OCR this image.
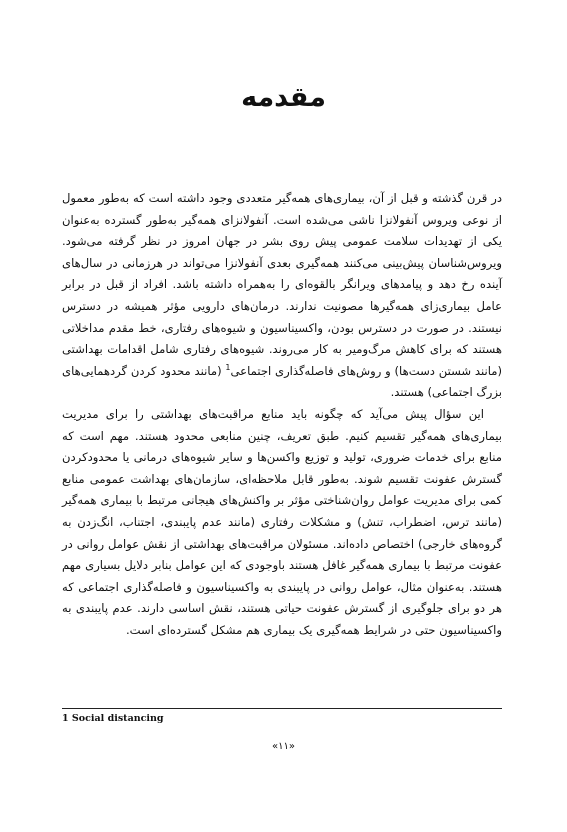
مقدمه

در قرن گذشته و قبل از آن، بیماری‌های همه‌گیر متعددی وجود داشته است که به‌طور معمول از نوعی ویروس آنفولانزا ناشی می‌شده است. آنفولانزای همه‌گیر به‌طور گسترده به‌عنوان یکی از تهدیدات سلامت عمومی پیش روی بشر در جهان امروز در نظر گرفته می‌شود. ویروس‌شناسان پیش‌بینی می‌کنند همه‌گیری بعدی آنفولانزا می‌تواند در هرزمانی در سال‌های آینده رخ دهد و پیامدهای ویرانگر بالقوه‌ای را به‌همراه داشته باشد. افراد از قبل در برابر عامل بیماری‌زای همه‌گیرها مصونیت ندارند. درمان‌های دارویی مؤثر همیشه در دسترس نیستند. در صورت در دسترس بودن، واکسیناسیون و شیوه‌های رفتاری، خط مقدم مداخلاتی هستند که برای کاهش مرگ‌ومیر به کار می‌روند. شیوه‌های رفتاری شامل اقدامات بهداشتی (مانند شستن دست‌ها) و روش‌های فاصله‌گذاری اجتماعی$^1$ (مانند محدود کردن گردهمایی‌های بزرگ اجتماعی) هستند.

این سؤال پیش می‌آید که چگونه باید منابع مراقبت‌های بهداشتی را برای مدیریت بیماری‌های همه‌گیر تقسیم کنیم. طبق تعریف، چنین منابعی محدود هستند. مهم است که منابع برای خدمات ضروری، تولید و توزیع واکسن‌ها و سایر شیوه‌های درمانی یا محدودکردن گسترش عفونت تقسیم شوند. به‌طور قابل ملاحظه‌ای، سازمان‌های بهداشت عمومی منابع کمی برای مدیریت عوامل روان‌شناختی مؤثر بر واکنش‌های هیجانی مرتبط با بیماری همه‌گیر (مانند ترس، اضطراب، تنش) و مشکلات رفتاری (مانند عدم پایبندی، اجتناب، انگ‌زدن به گروه‌های خارجی) اختصاص داده‌اند. مسئولان مراقبت‌های بهداشتی از نقش عوامل روانی در عفونت مرتبط با بیماری همه‌گیر غافل هستند باوجودی که این عوامل بنابر دلایل بسیاری مهم هستند. به‌عنوان مثال، عوامل روانی در پایبندی به واکسیناسیون و فاصله‌گذاری اجتماعی که هر دو برای جلوگیری از گسترش عفونت حیاتی هستند، نقش اساسی دارند. عدم پایبندی به واکسیناسیون حتی در شرایط همه‌گیری یک بیماری هم مشکل گسترده‌ای است.

1 Social distancing
«۱۱»
